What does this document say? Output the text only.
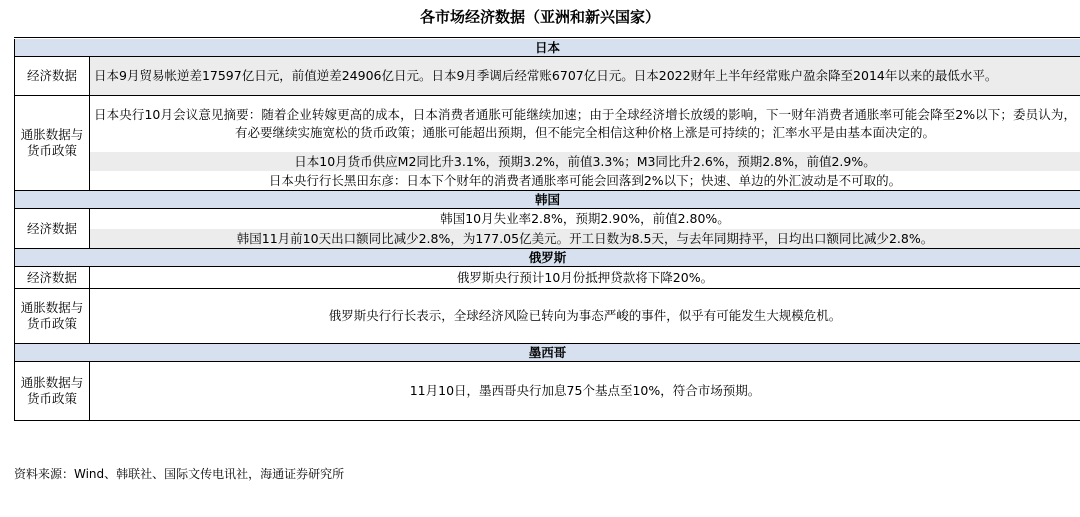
各市场经济数据（亚洲和新兴国家）
日本	
经济数据	日本9月贸易帐逆差17597亿日元，前值逆差24906亿日元。日本9月季调后经常账6707亿日元。日本2022财年上半年经常账户盈余降至2014年以来的最低水平。
通胀数据与货币政策	日本央行10月会议意见摘要：随着企业转嫁更高的成本，日本消费者通胀可能继续加速；由于全球经济增长放缓的影响，下一财年消费者通胀率可能会降至2%以下；委员认为，有必要继续实施宽松的货币政策；通胀可能超出预期，但不能完全相信这种价格上涨是可持续的；汇率水平是由基本面决定的。
	日本10月货币供应M2同比升3.1%，预期3.2%，前值3.3%；M3同比升2.6%，预期2.8%，前值2.9%。
	日本央行行长黑田东彦：日本下个财年的消费者通胀率可能会回落到2%以下；快速、单边的外汇波动是不可取的。
韩国	
经济数据	韩国10月失业率2.8%，预期2.90%，前值2.80%。
	韩国11月前10天出口额同比减少2.8%，为177.05亿美元。开工日数为8.5天，与去年同期持平，日均出口额同比减少2.8%。
俄罗斯	
经济数据	俄罗斯央行预计10月份抵押贷款将下降20%。
通胀数据与货币政策	俄罗斯央行行长表示，全球经济风险已转向为事态严峻的事件，似乎有可能发生大规模危机。
墨西哥	
通胀数据与货币政策	11月10日，墨西哥央行加息75个基点至10%，符合市场预期。
资料来源：Wind、韩联社、国际文传电讯社，海通证券研究所
